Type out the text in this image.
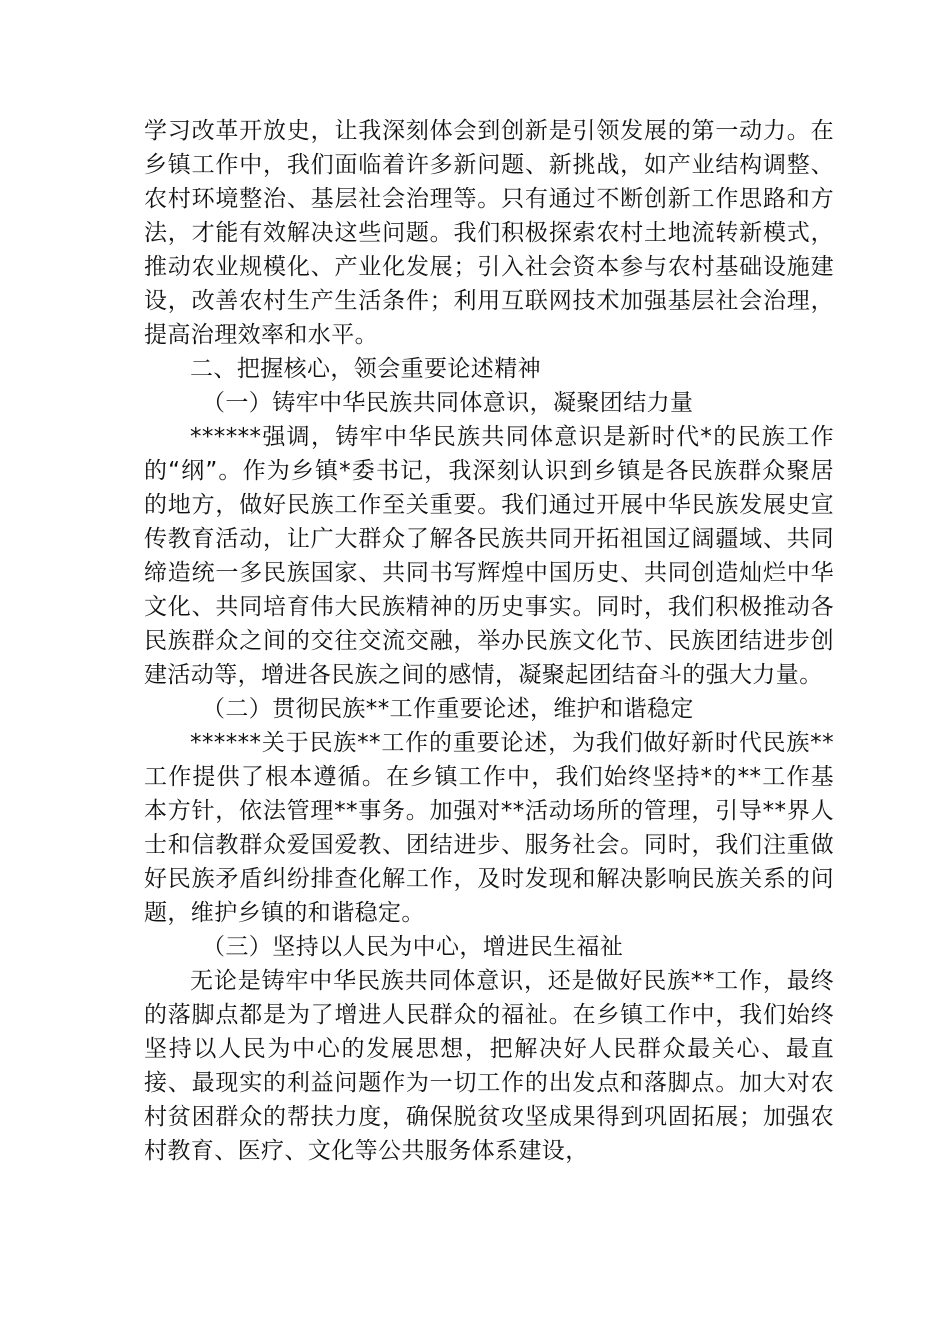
学习改革开放史，让我深刻体会到创新是引领发展的第一动力。在乡镇工作中，我们面临着许多新问题、新挑战，如产业结构调整、农村环境整治、基层社会治理等。只有通过不断创新工作思路和方法，才能有效解决这些问题。我们积极探索农村土地流转新模式，推动农业规模化、产业化发展；引入社会资本参与农村基础设施建设，改善农村生产生活条件；利用互联网技术加强基层社会治理，提高治理效率和水平。

二、把握核心，领会重要论述精神

（一）铸牢中华民族共同体意识，凝聚团结力量

******强调，铸牢中华民族共同体意识是新时代*的民族工作的“纲”。作为乡镇*委书记，我深刻认识到乡镇是各民族群众聚居的地方，做好民族工作至关重要。我们通过开展中华民族发展史宣传教育活动，让广大群众了解各民族共同开拓祖国辽阔疆域、共同缔造统一多民族国家、共同书写辉煌中国历史、共同创造灿烂中华文化、共同培育伟大民族精神的历史事实。同时，我们积极推动各民族群众之间的交往交流交融，举办民族文化节、民族团结进步创建活动等，增进各民族之间的感情，凝聚起团结奋斗的强大力量。

（二）贯彻民族**工作重要论述，维护和谐稳定

******关于民族**工作的重要论述，为我们做好新时代民族**工作提供了根本遵循。在乡镇工作中，我们始终坚持*的**工作基本方针，依法管理**事务。加强对**活动场所的管理，引导**界人士和信教群众爱国爱教、团结进步、服务社会。同时，我们注重做好民族矛盾纠纷排查化解工作，及时发现和解决影响民族关系的问题，维护乡镇的和谐稳定。

（三）坚持以人民为中心，增进民生福祉

无论是铸牢中华民族共同体意识，还是做好民族**工作，最终的落脚点都是为了增进人民群众的福祉。在乡镇工作中，我们始终坚持以人民为中心的发展思想，把解决好人民群众最关心、最直接、最现实的利益问题作为一切工作的出发点和落脚点。加大对农村贫困群众的帮扶力度，确保脱贫攻坚成果得到巩固拓展；加强农村教育、医疗、文化等公共服务体系建设，
